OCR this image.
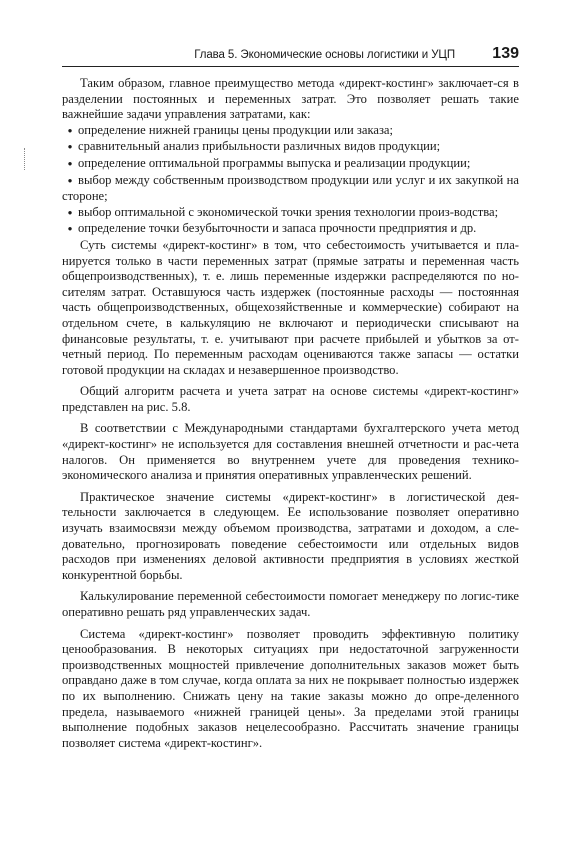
Глава 5. Экономические основы логистики и УЦП 139

Таким образом, главное преимущество метода «директ-костинг» заключает-ся в разделении постоянных и переменных затрат. Это позволяет решать такие важнейшие задачи управления затратами, как:

●определение нижней границы цены продукции или заказа;
●сравнительный анализ прибыльности различных видов продукции;
●определение оптимальной программы выпуска и реализации продукции;
●выбор между собственным производством продукции или услуг и их закупкой на стороне;
●выбор оптимальной с экономической точки зрения технологии произ-водства;
●определение точки безубыточности и запаса прочности предприятия и др.

Суть системы «директ-костинг» в том, что себестоимость учитывается и пла-нируется только в части переменных затрат (прямые затраты и переменная часть общепроизводственных), т. е. лишь переменные издержки распределяются по но-сителям затрат. Оставшуюся часть издержек (постоянные расходы — постоянная часть общепроизводственных, общехозяйственные и коммерческие) собирают на отдельном счете, в калькуляцию не включают и периодически списывают на финансовые результаты, т. е. учитывают при расчете прибылей и убытков за от-четный период. По переменным расходам оцениваются также запасы — остатки готовой продукции на складах и незавершенное производство.

Общий алгоритм расчета и учета затрат на основе системы «директ-костинг» представлен на рис. 5.8.

В соответствии с Международными стандартами бухгалтерского учета метод «директ-костинг» не используется для составления внешней отчетности и рас-чета налогов. Он применяется во внутреннем учете для проведения технико-экономического анализа и принятия оперативных управленческих решений.

Практическое значение системы «директ-костинг» в логистической дея-тельности заключается в следующем. Ее использование позволяет оперативно изучать взаимосвязи между объемом производства, затратами и доходом, а сле-довательно, прогнозировать поведение себестоимости или отдельных видов расходов при изменениях деловой активности предприятия в условиях жесткой конкурентной борьбы.

Калькулирование переменной себестоимости помогает менеджеру по логис-тике оперативно решать ряд управленческих задач.

Система «директ-костинг» позволяет проводить эффективную политику ценообразования. В некоторых ситуациях при недостаточной загруженности производственных мощностей привлечение дополнительных заказов может быть оправдано даже в том случае, когда оплата за них не покрывает полностью издержек по их выполнению. Снижать цену на такие заказы можно до опре-деленного предела, называемого «нижней границей цены». За пределами этой границы выполнение подобных заказов нецелесообразно. Рассчитать значение границы позволяет система «директ-костинг».
